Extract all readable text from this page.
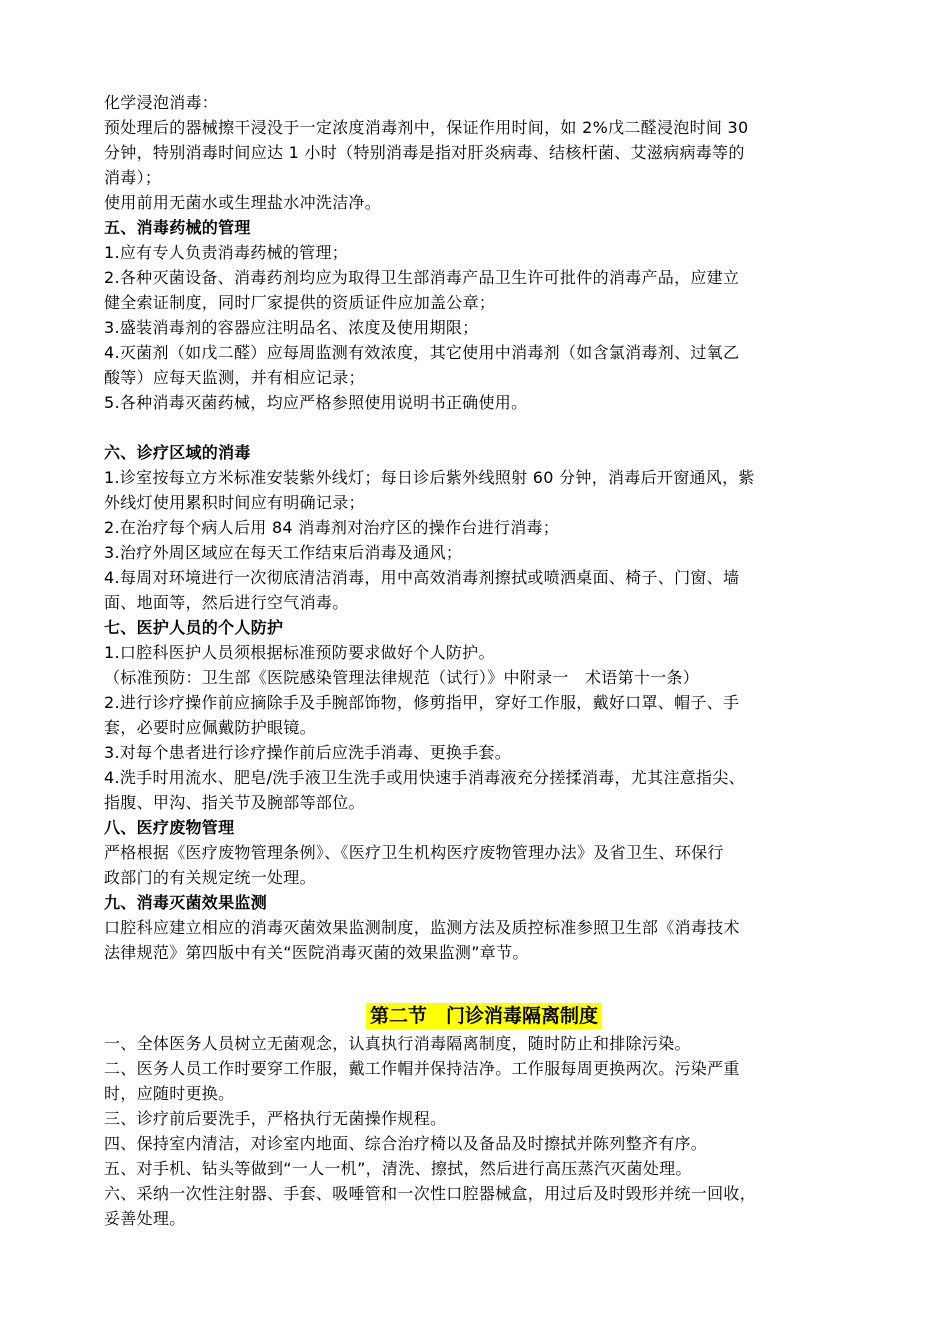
化学浸泡消毒：
预处理后的器械擦干浸没于一定浓度消毒剂中，保证作用时间，如 2%戊二醛浸泡时间 30
分钟，特别消毒时间应达 1 小时（特别消毒是指对肝炎病毒、结核杆菌、艾滋病病毒等的
消毒）；
使用前用无菌水或生理盐水冲洗洁净。
五、消毒药械的管理
1.应有专人负责消毒药械的管理；
2.各种灭菌设备、消毒药剂均应为取得卫生部消毒产品卫生许可批件的消毒产品，应建立
健全索证制度，同时厂家提供的资质证件应加盖公章；
3.盛装消毒剂的容器应注明品名、浓度及使用期限；
4.灭菌剂（如戊二醛）应每周监测有效浓度，其它使用中消毒剂（如含氯消毒剂、过氧乙
酸等）应每天监测，并有相应记录；
5.各种消毒灭菌药械，均应严格参照使用说明书正确使用。
六、诊疗区域的消毒
1.诊室按每立方米标准安装紫外线灯；每日诊后紫外线照射 60 分钟，消毒后开窗通风，紫
外线灯使用累积时间应有明确记录；
2.在治疗每个病人后用 84 消毒剂对治疗区的操作台进行消毒；
3.治疗外周区域应在每天工作结束后消毒及通风；
4.每周对环境进行一次彻底清洁消毒，用中高效消毒剂擦拭或喷洒桌面、椅子、门窗、墙
面、地面等，然后进行空气消毒。
七、医护人员的个人防护
1.口腔科医护人员须根据标准预防要求做好个人防护。
（标准预防：卫生部《医院感染管理法律规范（试行）》中附录一　术语第十一条）
2.进行诊疗操作前应摘除手及手腕部饰物，修剪指甲，穿好工作服，戴好口罩、帽子、手
套，必要时应佩戴防护眼镜。
3.对每个患者进行诊疗操作前后应洗手消毒、更换手套。
4.洗手时用流水、肥皂/洗手液卫生洗手或用快速手消毒液充分搓揉消毒，尤其注意指尖、
指腹、甲沟、指关节及腕部等部位。
八、医疗废物管理
严格根据《医疗废物管理条例》、《医疗卫生机构医疗废物管理办法》及省卫生、环保行
政部门的有关规定统一处理。
九、消毒灭菌效果监测
口腔科应建立相应的消毒灭菌效果监测制度，监测方法及质控标准参照卫生部《消毒技术
法律规范》第四版中有关“医院消毒灭菌的效果监测”章节。
第二节　门诊消毒隔离制度
一、全体医务人员树立无菌观念，认真执行消毒隔离制度，随时防止和排除污染。
二、医务人员工作时要穿工作服，戴工作帽并保持洁净。工作服每周更换两次。污染严重
时，应随时更换。
三、诊疗前后要洗手，严格执行无菌操作规程。
四、保持室内清洁，对诊室内地面、综合治疗椅以及备品及时擦拭并陈列整齐有序。
五、对手机、钻头等做到“一人一机”，清洗、擦拭，然后进行高压蒸汽灭菌处理。
六、采纳一次性注射器、手套、吸唾管和一次性口腔器械盒，用过后及时毁形并统一回收，
妥善处理。
